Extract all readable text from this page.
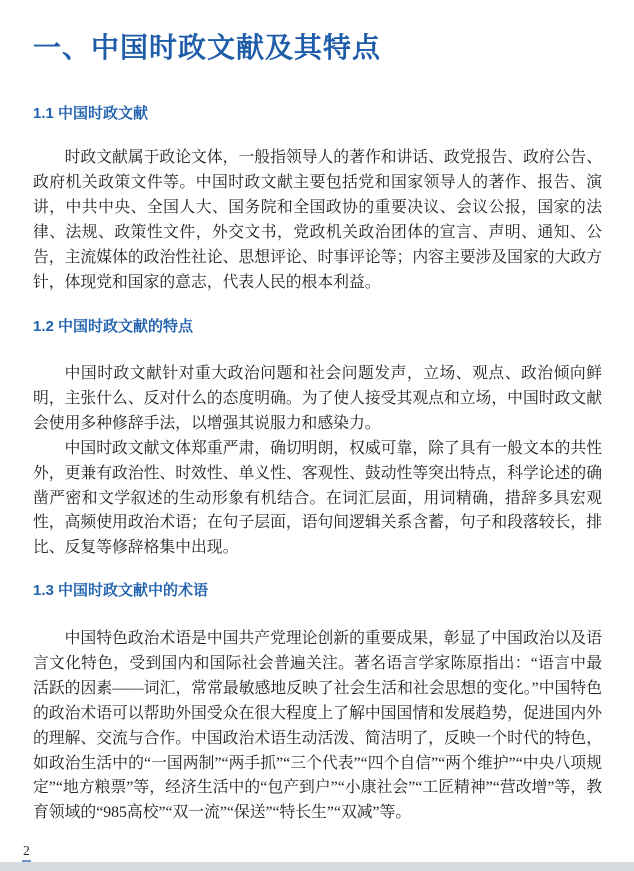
一、中国时政文献及其特点
1.1 中国时政文献

时政文献属于政论文体，一般指领导人的著作和讲话、政党报告、政府公告、政府机关政策文件等。中国时政文献主要包括党和国家领导人的著作、报告、演讲，中共中央、全国人大、国务院和全国政协的重要决议、会议公报，国家的法律、法规、政策性文件，外交文书，党政机关政治团体的宣言、声明、通知、公告，主流媒体的政治性社论、思想评论、时事评论等；内容主要涉及国家的大政方针，体现党和国家的意志，代表人民的根本利益。

1.2 中国时政文献的特点

中国时政文献针对重大政治问题和社会问题发声，立场、观点、政治倾向鲜明，主张什么、反对什么的态度明确。为了使人接受其观点和立场，中国时政文献会使用多种修辞手法，以增强其说服力和感染力。

中国时政文献文体郑重严肃，确切明朗，权威可靠，除了具有一般文本的共性外，更兼有政治性、时效性、单义性、客观性、鼓动性等突出特点，科学论述的确凿严密和文学叙述的生动形象有机结合。在词汇层面，用词精确，措辞多具宏观性，高频使用政治术语；在句子层面，语句间逻辑关系含蓄，句子和段落较长，排比、反复等修辞格集中出现。

1.3 中国时政文献中的术语

中国特色政治术语是中国共产党理论创新的重要成果，彰显了中国政治以及语言文化特色，受到国内和国际社会普遍关注。著名语言学家陈原指出：“语言中最活跃的因素——词汇，常常最敏感地反映了社会生活和社会思想的变化。”中国特色的政治术语可以帮助外国受众在很大程度上了解中国国情和发展趋势，促进国内外的理解、交流与合作。中国政治术语生动活泼、简洁明了，反映一个时代的特色，如政治生活中的“一国两制”“两手抓”“三个代表”“四个自信”“两个维护”“中央八项规定”“地方粮票”等，经济生活中的“包产到户”“小康社会”“工匠精神”“营改增”等，教育领域的“985高校”“双一流”“保送”“特长生”“双减”等。

2
